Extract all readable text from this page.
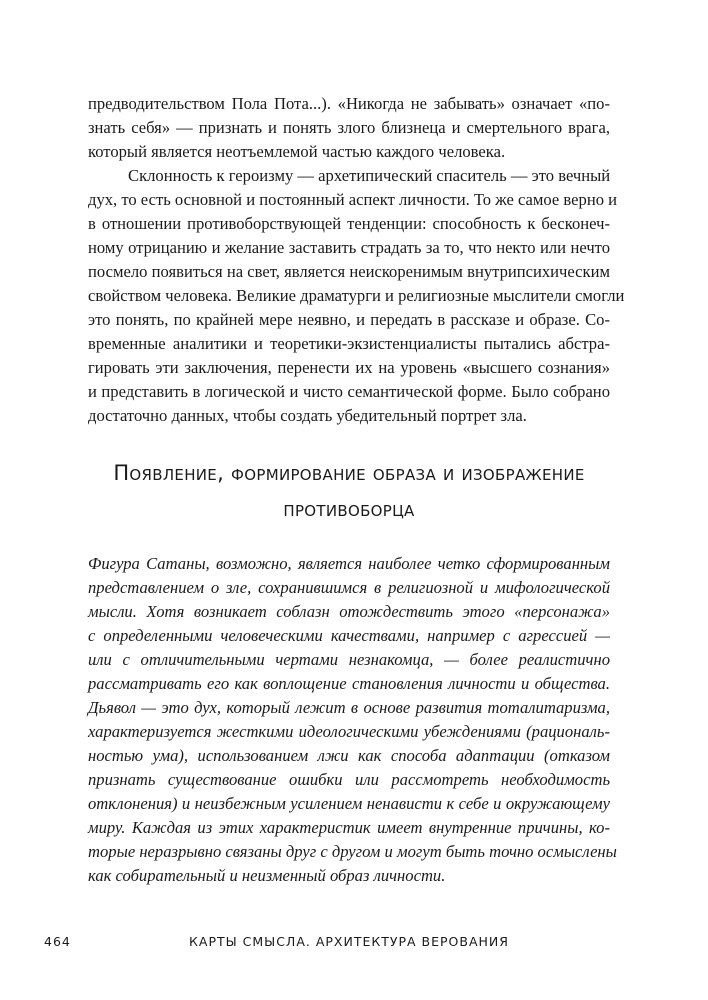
предводительством Пола Пота...). «Никогда не забывать» означает «по-
знать себя» — признать и понять злого близнеца и смертельного врага,
который является неотъемлемой частью каждого человека.
Склонность к героизму — архетипический спаситель — это вечный
дух, то есть основной и постоянный аспект личности. То же самое верно и
в отношении противоборствующей тенденции: способность к бесконеч-
ному отрицанию и желание заставить страдать за то, что некто или нечто
посмело появиться на свет, является неискоренимым внутрипсихическим
свойством человека. Великие драматурги и религиозные мыслители смогли
это понять, по крайней мере неявно, и передать в рассказе и образе. Со-
временные аналитики и теоретики-экзистенциалисты пытались абстра-
гировать эти заключения, перенести их на уровень «высшего сознания»
и представить в логической и чисто семантической форме. Было собрано
достаточно данных, чтобы создать убедительный портрет зла.
Появление, формирование образа и изображение
противоборца
Фигура Сатаны, возможно, является наиболее четко сформированным
представлением о зле, сохранившимся в религиозной и мифологической
мысли. Хотя возникает соблазн отождествить этого «персонажа»
с определенными человеческими качествами, например с агрессией —
или с отличительными чертами незнакомца, — более реалистично
рассматривать его как воплощение становления личности и общества.
Дьявол — это дух, который лежит в основе развития тоталитаризма,
характеризуется жесткими идеологическими убеждениями (рациональ-
ностью ума), использованием лжи как способа адаптации (отказом
признать существование ошибки или рассмотреть необходимость
отклонения) и неизбежным усилением ненависти к себе и окружающему
миру. Каждая из этих характеристик имеет внутренние причины, ко-
торые неразрывно связаны друг с другом и могут быть точно осмыслены
как собирательный и неизменный образ личности.
464	КАРТЫ СМЫСЛА. АРХИТЕКТУРА ВЕРОВАНИЯ
